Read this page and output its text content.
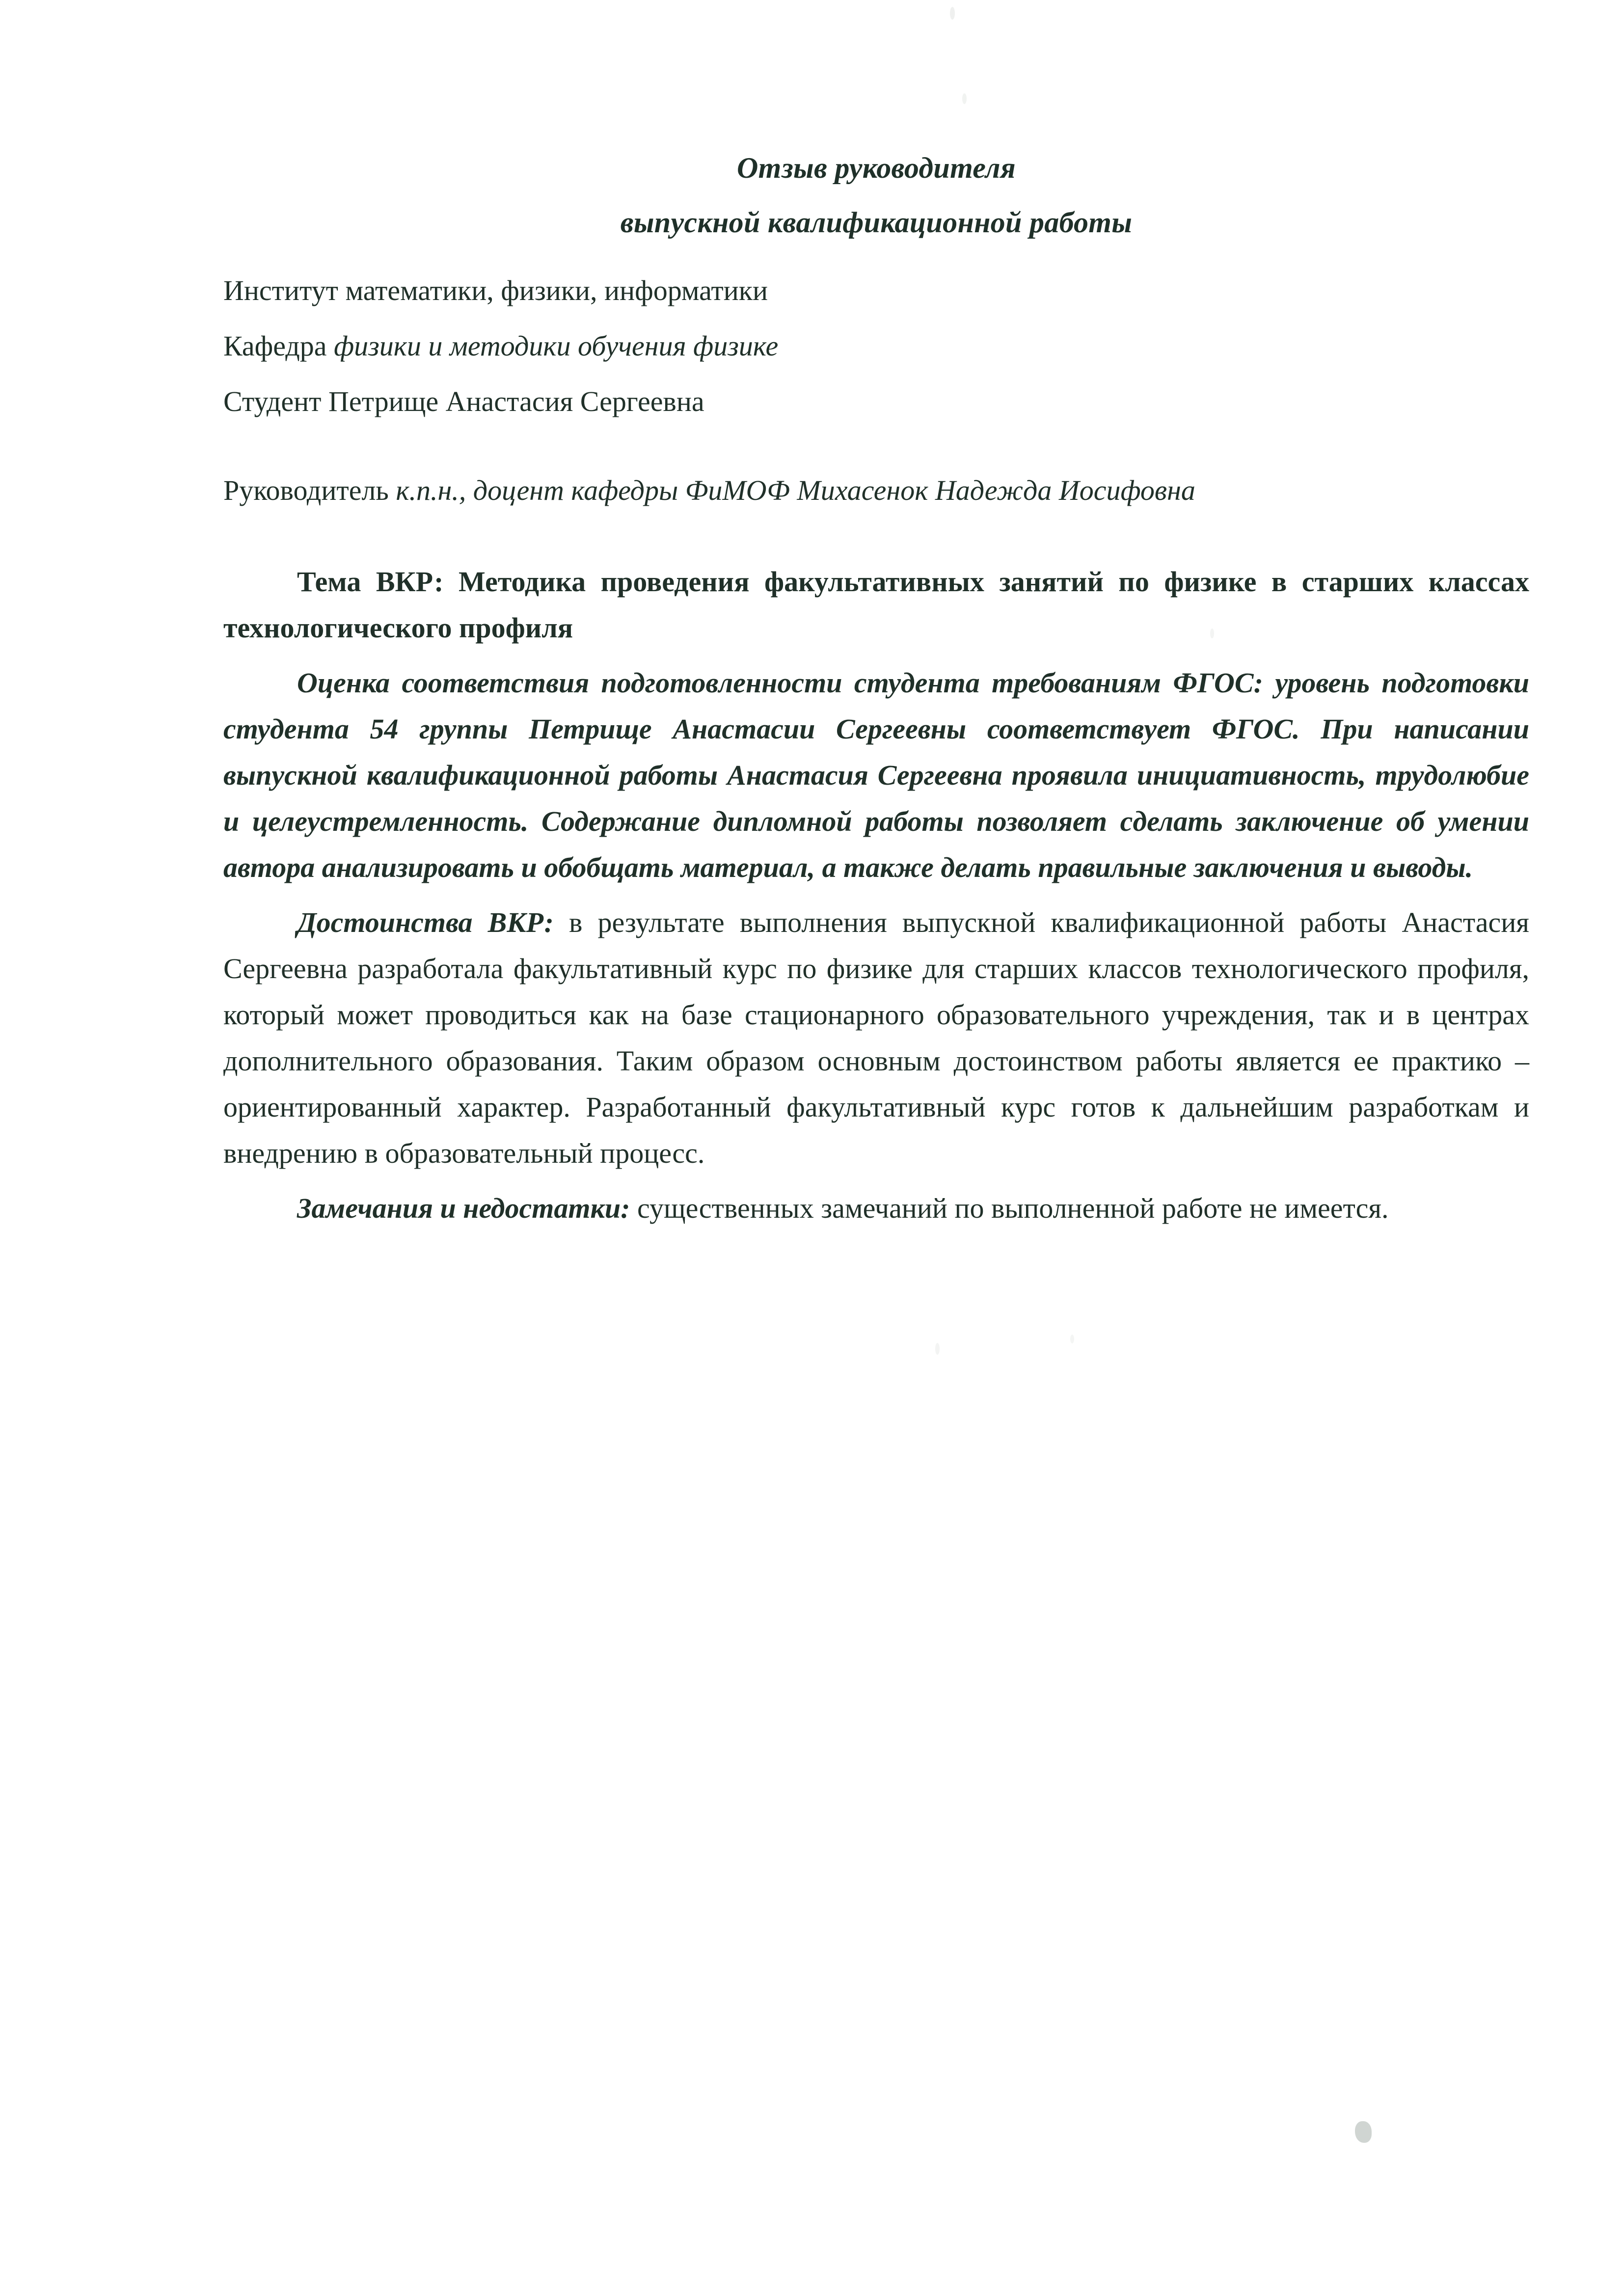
Отзыв руководителя
выпускной квалификационной работы
Институт математики, физики, информатики
Кафедра физики и методики обучения физике
Студент Петрище Анастасия Сергеевна

Руководитель к.п.н., доцент кафедры ФиМОФ Михасенок Надежда Иосифовна

Тема ВКР: Методика проведения факультативных занятий по физике в старших классах технологического профиля

Оценка соответствия подготовленности студента требованиям ФГОС: уровень подготовки студента 54 группы Петрище Анастасии Сергеевны соответствует ФГОС. При написании выпускной квалификационной работы Анастасия Сергеевна проявила инициативность, трудолюбие и целеустремленность. Содержание дипломной работы позволяет сделать заключение об умении автора анализировать и обобщать материал, а также делать правильные заключения и выводы.

Достоинства ВКР: в результате выполнения выпускной квалификационной работы Анастасия Сергеевна разработала факультативный курс по физике для старших классов технологического профиля, который может проводиться как на базе стационарного образовательного учреждения, так и в центрах дополнительного образования. Таким образом основным достоинством работы является ее практико – ориентированный характер. Разработанный факультативный курс готов к дальнейшим разработкам и внедрению в образовательный процесс.

Замечания и недостатки: существенных замечаний по выполненной работе не имеется.
